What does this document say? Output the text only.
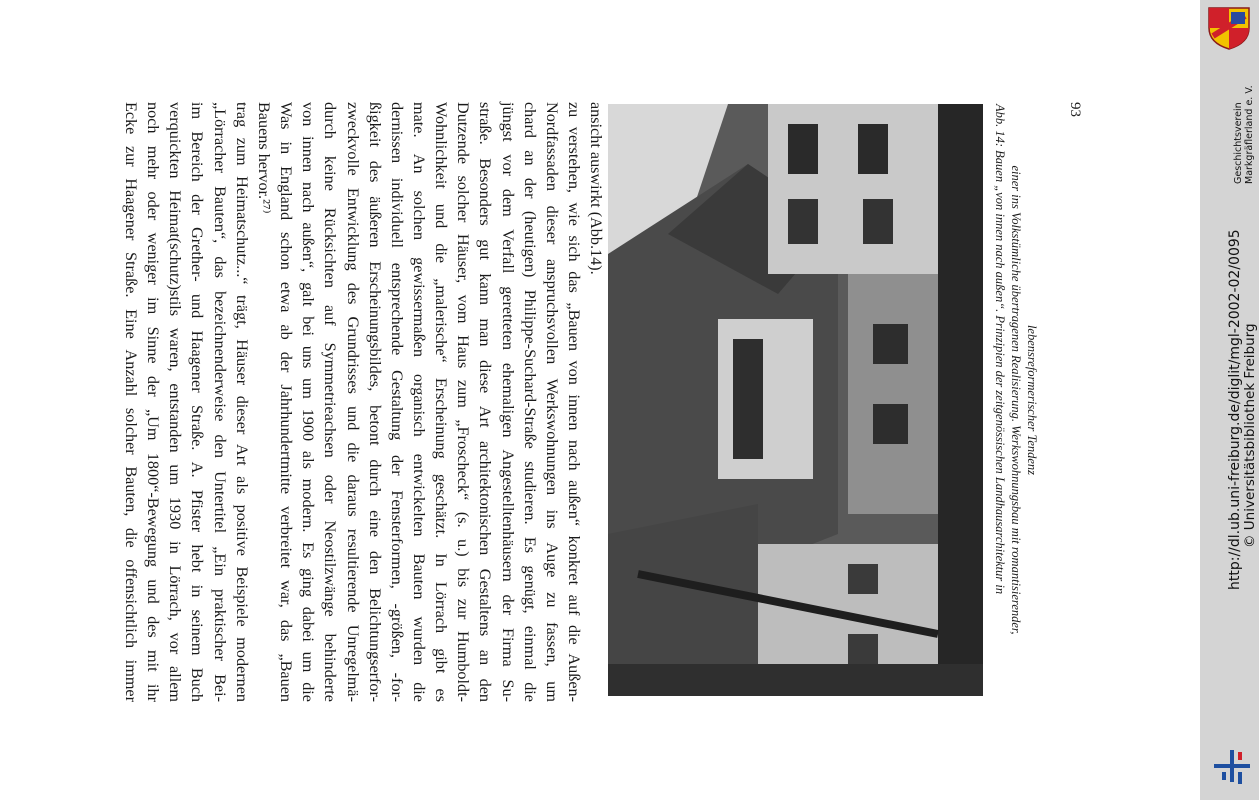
Ecke zur Haagener Straße. Eine Anzahl solcher Bauten, die offensichtlich immer noch mehr oder weniger im Sinne der „Um 1800“-Bewegung und des mit ihr verquickten Heimat(schutz)stils waren, entstanden um 1930 in Lörrach, vor allem im Bereich der Grether- und Haagener Straße. A. Pfister hebt in seinem Buch „Lörracher Bauten“, das bezeichnenderweise den Untertitel „Ein praktischer Bei- trag zum Heimatschutz...“ trägt, Häuser dieser Art als positive Beispiele modernen Bauens hervor.²⁷⁾ Was in England schon etwa ab der Jahrhundertmitte verbreitet war, das „Bauen von innen nach außen“, galt bei uns um 1900 als modern. Es ging dabei um die durch keine Rücksichten auf Symmetrieachsen oder Neostilzwänge behinderte zweckvolle Entwicklung des Grundrisses und die daraus resultierende Unregelmä- ßigkeit des äußeren Erscheinungsbildes, betont durch eine den Belichtungserfor- dernissen individuell entsprechende Gestaltung der Fensterformen, -größen, -for- mate. An solchen gewissermaßen organisch entwickelten Bauten wurden die Wohnlichkeit und die „malerische“ Erscheinung geschätzt. In Lörrach gibt es Dutzende solcher Häuser, vom Haus zum „Froscheck“ (s. u.) bis zur Humboldt- straße. Besonders gut kann man diese Art architektonischen Gestaltens an den jüngst vor dem Verfall geretteten ehemaligen Angestelltenhäusern der Firma Su- chard an der (heutigen) Philippe-Suchard-Straße studieren. Es genügt, einmal die Nordfassaden dieser anspruchsvollen Werkswohnungen ins Auge zu fassen, um zu verstehen, wie sich das „Bauen von innen nach außen“ konkret auf die Außen- ansicht auswirkt (Abb.14).	Abb. 14: Bauen „von innen nach außen“. Prinzipien der zeitgenössischen Landhausarchitektur in einer ins Volkstümliche übertragenen Realisierung. Werkswohnungsbau mit romantisierender, lebensreformerischer Tendenz
93	Geschichtsverein Markgräflerland e. V.
http://dl.ub.uni-freiburg.de/diglit/mgl-2002-02/0095 © Universitätsbibliothek Freiburg
